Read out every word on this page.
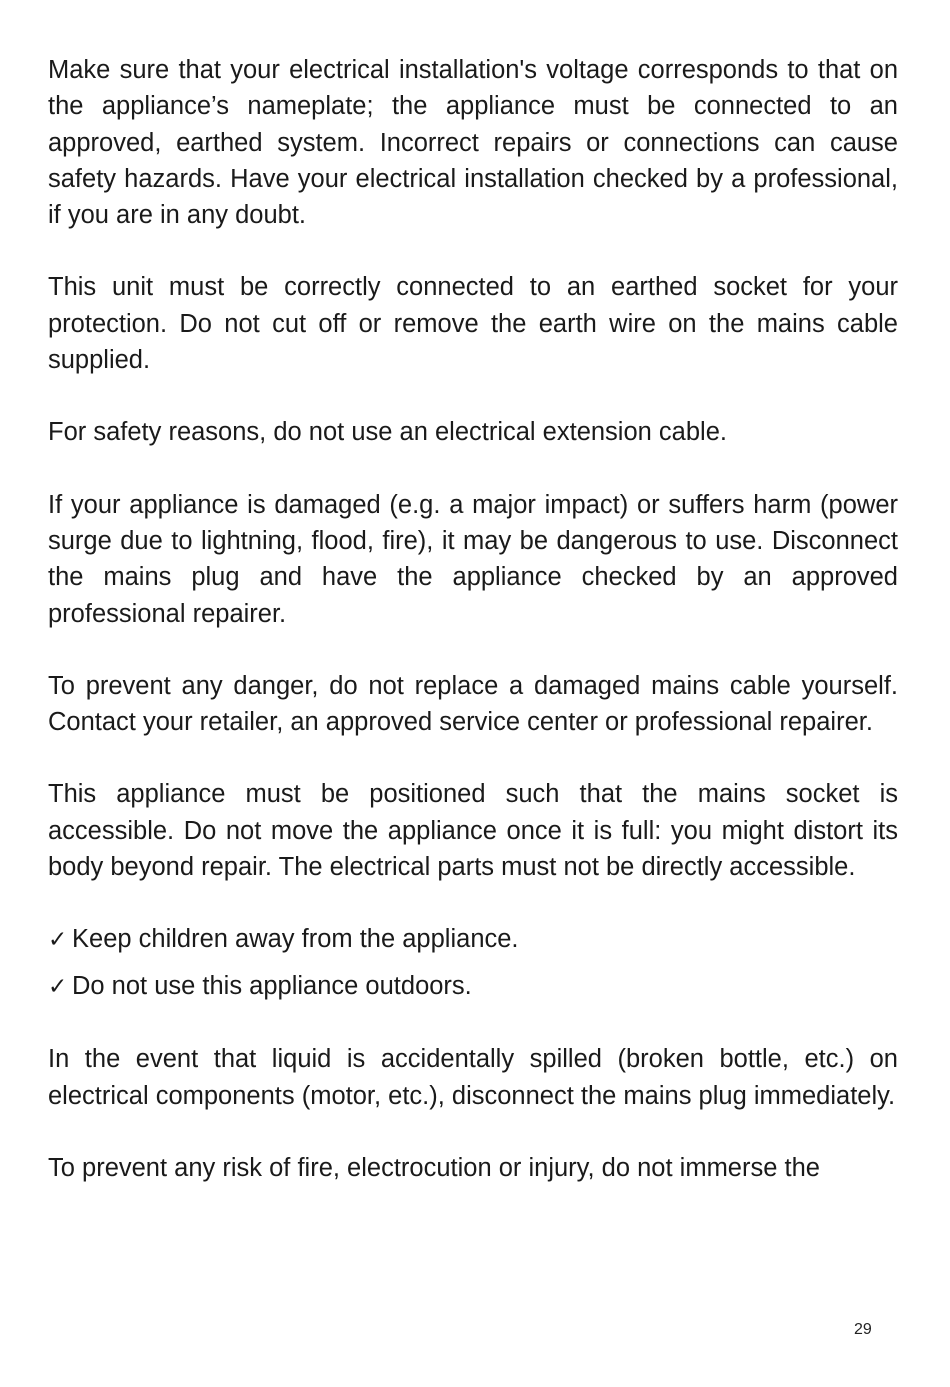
Make sure that your electrical installation's voltage corresponds to that on the appliance’s nameplate; the appliance must be connected to an approved, earthed system. Incorrect repairs or connections can cause safety hazards. Have your electrical installation checked by a professional, if you are in any doubt.

This unit must be correctly connected to an earthed socket for your protection. Do not cut off or remove the earth wire on the mains cable supplied.

For safety reasons, do not use an electrical extension cable.

If your appliance is damaged (e.g. a major impact) or suffers harm (power surge due to lightning, flood, fire), it may be dangerous to use. Disconnect the mains plug and have the appliance checked by an approved professional repairer.

To prevent any danger, do not replace a damaged mains cable yourself. Contact your retailer, an approved service center or professional repairer.

This appliance must be positioned such that the mains socket is accessible. Do not move the appliance once it is full: you might distort its body beyond repair. The electrical parts must not be directly accessible.

✓ Keep children away from the appliance.
✓ Do not use this appliance outdoors.

In the event that liquid is accidentally spilled (broken bottle, etc.) on electrical components (motor, etc.), disconnect the mains plug immediately.

To prevent any risk of fire, electrocution or injury, do not immerse the

29
